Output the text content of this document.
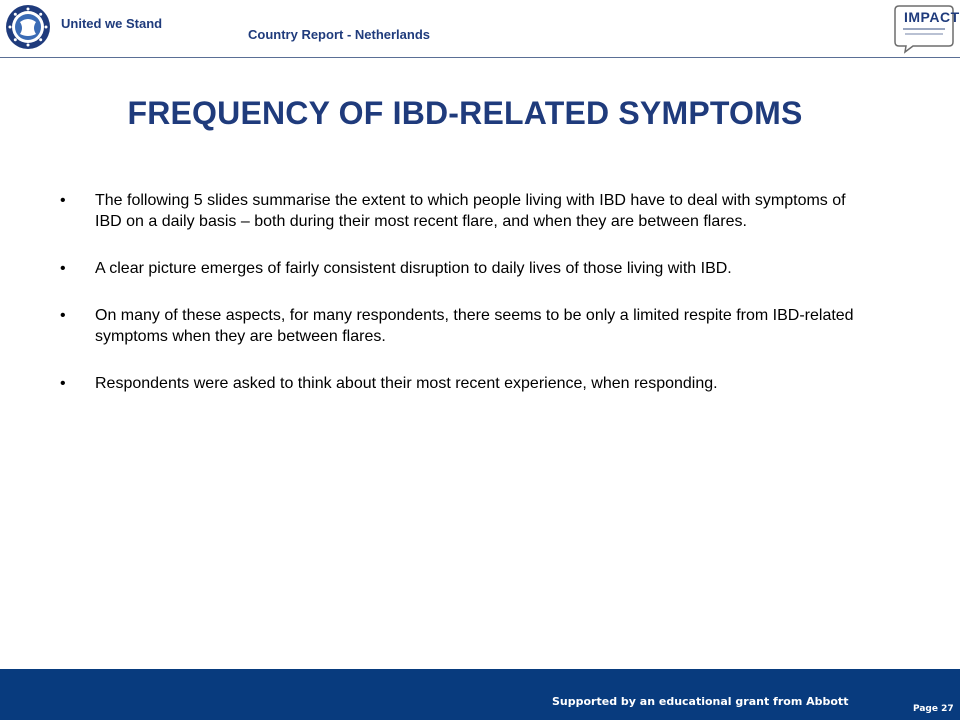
United we Stand
Country Report - Netherlands
IMPACT
FREQUENCY OF IBD-RELATED SYMPTOMS
• The following 5 slides summarise the extent to which people living with IBD have to deal with symptoms of IBD on a daily basis – both during their most recent flare, and when they are between flares.
• A clear picture emerges of fairly consistent disruption to daily lives of those living with IBD.
• On many of these aspects, for many respondents, there seems to be only a limited respite from IBD-related symptoms when they are between flares.
• Respondents were asked to think about their most recent experience, when responding.
Supported by an educational grant from Abbott
Page 27
